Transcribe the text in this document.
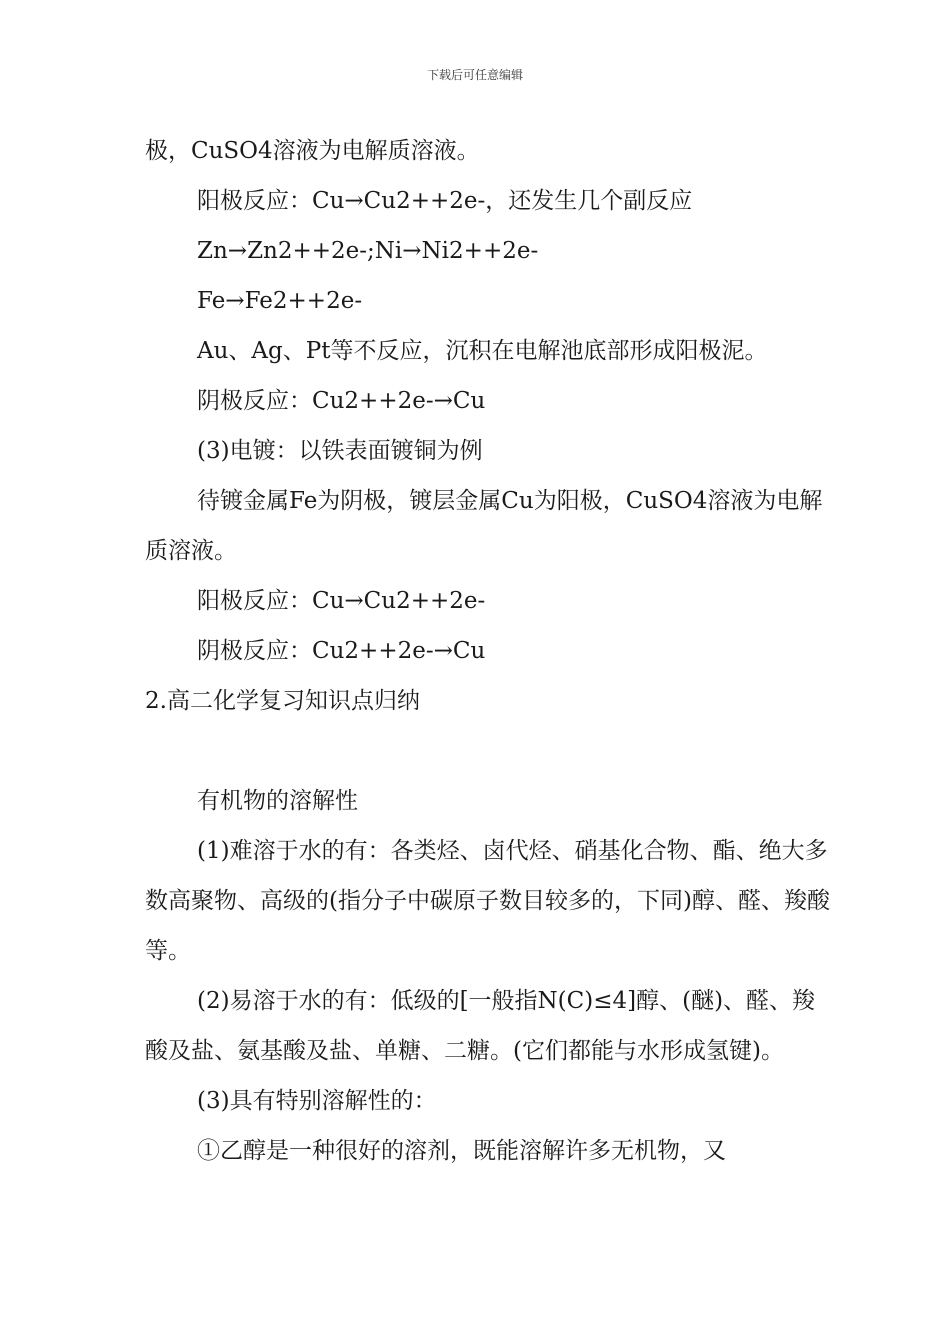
下载后可任意编辑

极，CuSO4溶液为电解质溶液。

阳极反应：Cu→Cu2++2e-，还发生几个副反应

Zn→Zn2++2e-;Ni→Ni2++2e-

Fe→Fe2++2e-

Au、Ag、Pt等不反应，沉积在电解池底部形成阳极泥。

阴极反应：Cu2++2e-→Cu

(3)电镀：以铁表面镀铜为例

待镀金属Fe为阴极，镀层金属Cu为阳极，CuSO4溶液为电解质溶液。

阳极反应：Cu→Cu2++2e-

阴极反应：Cu2++2e-→Cu

2.高二化学复习知识点归纳

有机物的溶解性

(1)难溶于水的有：各类烃、卤代烃、硝基化合物、酯、绝大多数高聚物、高级的(指分子中碳原子数目较多的，下同)醇、醛、羧酸等。

(2)易溶于水的有：低级的[一般指N(C)≤4]醇、(醚)、醛、羧酸及盐、氨基酸及盐、单糖、二糖。(它们都能与水形成氢键)。

(3)具有特别溶解性的：

①乙醇是一种很好的溶剂，既能溶解许多无机物，又
